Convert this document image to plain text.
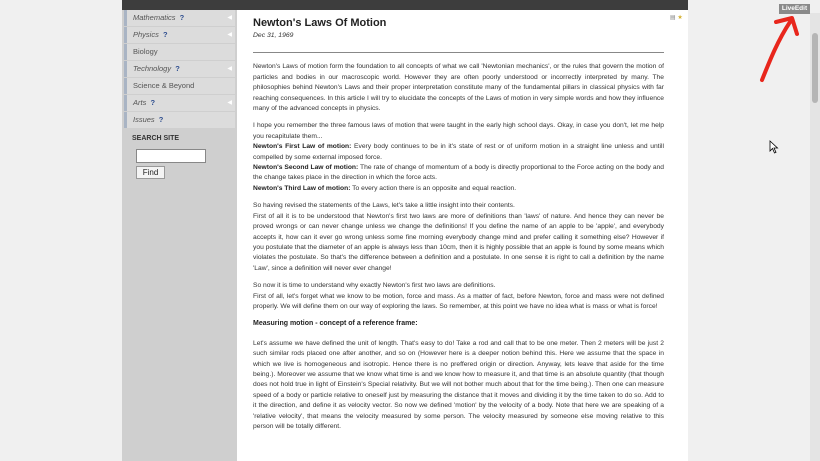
Mathematics ?	◀
Physics ?	◀
Biology
Technology ?	◀
Science & Beyond
Arts ?	◀
Issues ?
SEARCH SITE
Find
▤ ★
Newton's Laws Of Motion
Dec 31, 1969

Newton's Laws of motion form the foundation to all concepts of what we call 'Newtonian mechanics', or the rules that govern the motion of particles and bodies in our macroscopic world. However they are often poorly understood or incorrectly interpreted by many. The philosophies behind Newton's Laws and their proper interpretation constitute many of the fundamental pillars in classical physics with far reaching consequences. In this article I will try to elucidate the concepts of the Laws of motion in very simple words and how they influence many of the advanced concepts in physics.

I hope you remember the three famous laws of motion that were taught in the early high school days. Okay, in case you don't, let me help you recapitulate them...

Newton's First Law of motion: Every body continues to be in it's state of rest or of uniform motion in a straight line unless and untill compelled by some external imposed force.

Newton's Second Law of motion: The rate of change of momentum of a body is directly proportional to the Force acting on the body and the change takes place in the direction in which the force acts.

Newton's Third Law of motion: To every action there is an opposite and equal reaction.

So having revised the statements of the Laws, let's take a little insight into their contents.

First of all it is to be understood that Newton's first two laws are more of definitions than 'laws' of nature. And hence they can never be proved wrongs or can never change unless we change the definitions! If you define the name of an apple to be 'apple', and everybody accepts it, how can it ever go wrong unless some fine morning everybody change mind and prefer calling it something else? However if you postulate that the diameter of an apple is always less than 10cm, then it is highly possible that an apple is found by some means which violates the postulate. So that's the difference between a definition and a postulate. In one sense it is right to call a definition by the name 'Law', since a definition will never ever change!

So now it is time to understand why exactly Newton's first two laws are definitions.

First of all, let's forget what we know to be motion, force and mass. As a matter of fact, before Newton, force and mass were not defined properly. We will define them on our way of exploring the laws. So remember, at this point we have no idea what is mass or what is force!

Measuring motion - concept of a reference frame:

Let's assume we have defined the unit of length. That's easy to do! Take a rod and call that to be one meter. Then 2 meters will be just 2 such similar rods placed one after another, and so on (However here is a deeper notion behind this. Here we assume that the space in which we live is homogeneous and isotropic. Hence there is no preffered origin or direction. Anyway, lets leave that aside for the time being.). Moreover we assume that we know what time is and we know how to measure it, and that time is an absolute quantity (that though does not hold true in light of Einstein's Special relativity. But we will not bother much about that for the time being.). Then one can measure speed of a body or particle relative to oneself just by measuring the distance that it moves and dividing it by the time taken to do so. Add to it the direction, and define it as velocity vector. So now we defined 'motion' by the velocity of a body. Note that here we are speaking of a 'relative velocity', that means the velocity measured by some person. The velocity measured by someone else moving relative to this person will be totally different.

LiveEdit
